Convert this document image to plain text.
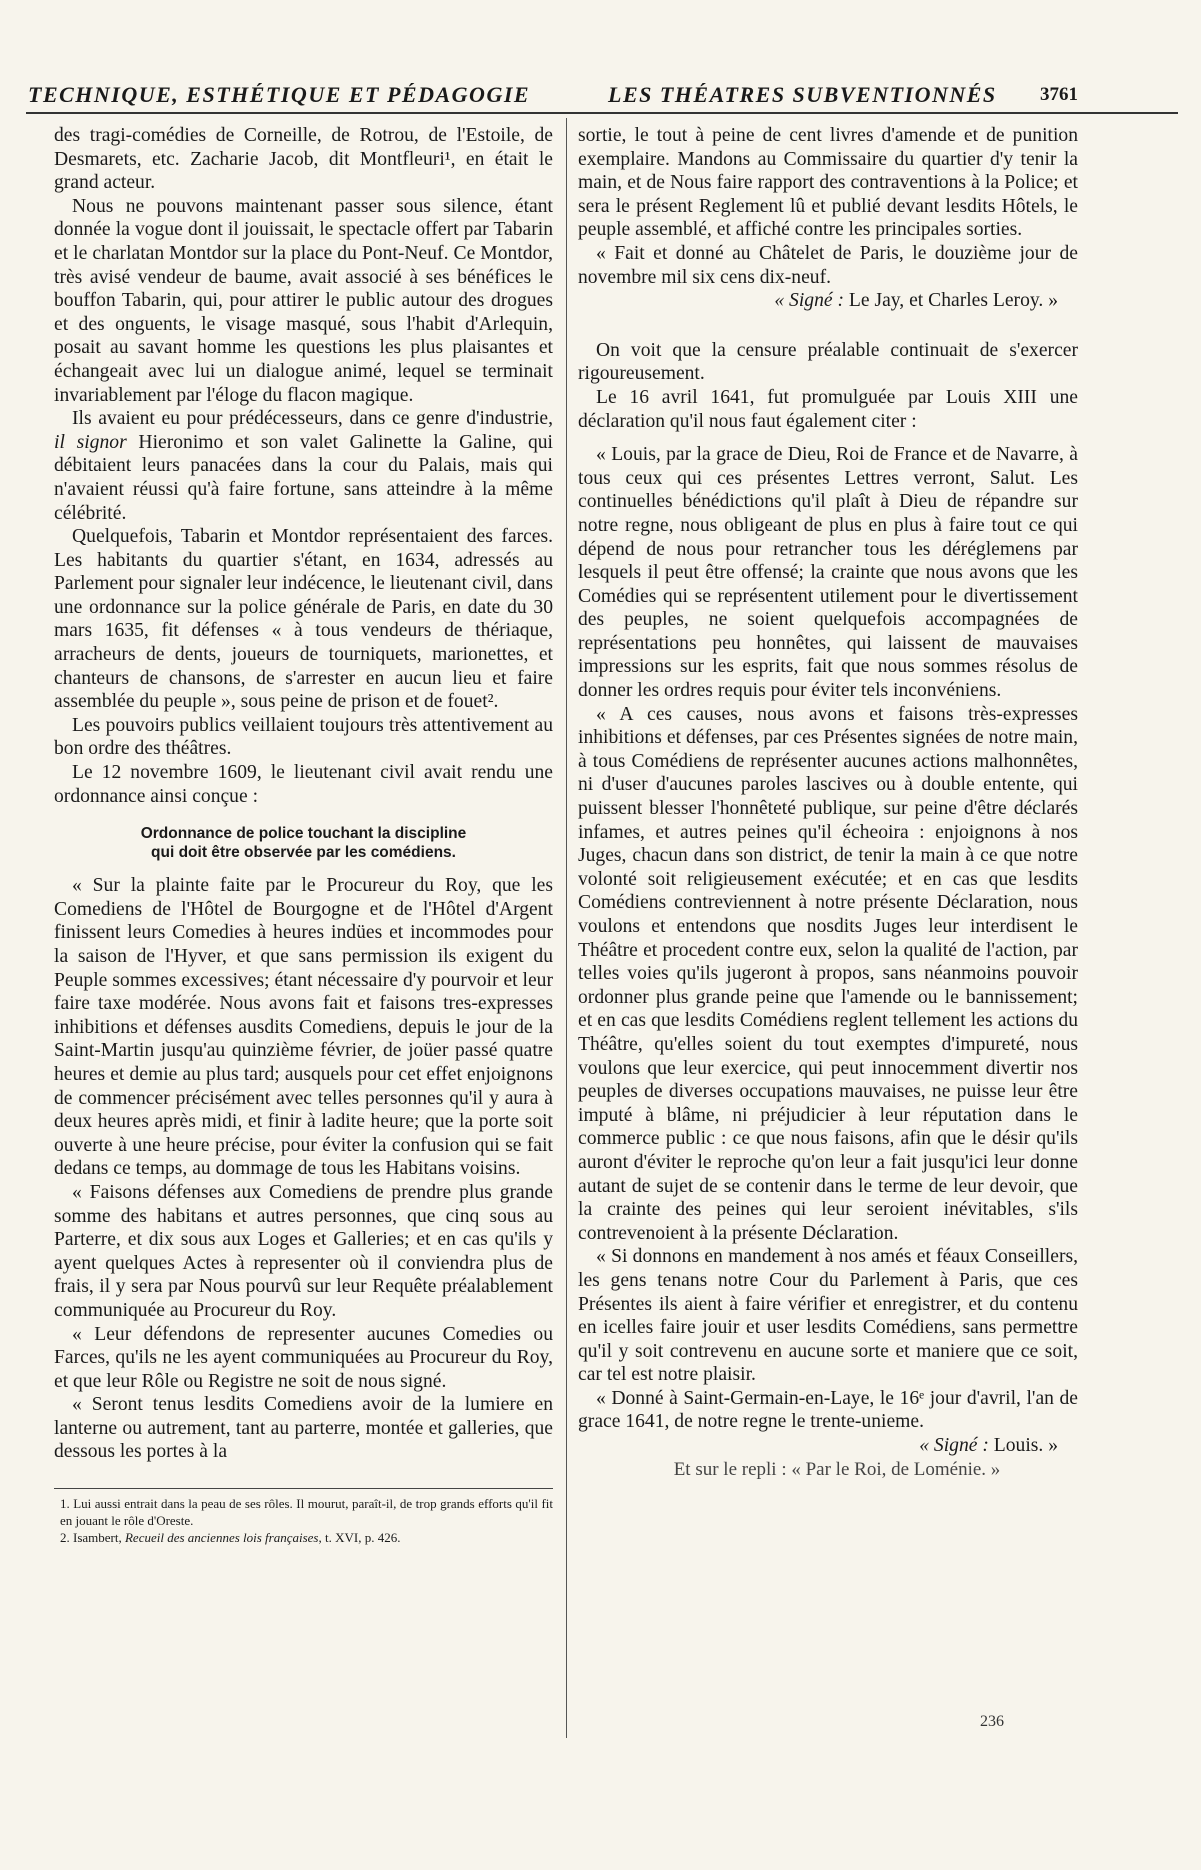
TECHNIQUE, ESTHÉTIQUE ET PÉDAGOGIE	LES THÉATRES SUBVENTIONNÉS 3761

des tragi-comédies de Corneille, de Rotrou, de l'Estoile, de Desmarets, etc. Zacharie Jacob, dit Montfleuri¹, en était le grand acteur.

Nous ne pouvons maintenant passer sous silence, étant donnée la vogue dont il jouissait, le spectacle offert par Tabarin et le charlatan Montdor sur la place du Pont-Neuf. Ce Montdor, très avisé vendeur de baume, avait associé à ses bénéfices le bouffon Tabarin, qui, pour attirer le public autour des drogues et des onguents, le visage masqué, sous l'habit d'Arlequin, posait au savant homme les questions les plus plaisantes et échangeait avec lui un dialogue animé, lequel se terminait invariablement par l'éloge du flacon magique.

Ils avaient eu pour prédécesseurs, dans ce genre d'industrie, il signor Hieronimo et son valet Galinette la Galine, qui débitaient leurs panacées dans la cour du Palais, mais qui n'avaient réussi qu'à faire fortune, sans atteindre à la même célébrité.

Quelquefois, Tabarin et Montdor représentaient des farces. Les habitants du quartier s'étant, en 1634, adressés au Parlement pour signaler leur indécence, le lieutenant civil, dans une ordonnance sur la police générale de Paris, en date du 30 mars 1635, fit défenses « à tous vendeurs de thériaque, arracheurs de dents, joueurs de tourniquets, marionettes, et chanteurs de chansons, de s'arrester en aucun lieu et faire assemblée du peuple », sous peine de prison et de fouet².

Les pouvoirs publics veillaient toujours très attentivement au bon ordre des théâtres.

Le 12 novembre 1609, le lieutenant civil avait rendu une ordonnance ainsi conçue :

Ordonnance de police touchant la discipline
qui doit être observée par les comédiens.

« Sur la plainte faite par le Procureur du Roy, que les Comediens de l'Hôtel de Bourgogne et de l'Hôtel d'Argent finissent leurs Comedies à heures indües et incommodes pour la saison de l'Hyver, et que sans permission ils exigent du Peuple sommes excessives; étant nécessaire d'y pourvoir et leur faire taxe modérée. Nous avons fait et faisons tres-expresses inhibitions et défenses ausdits Comediens, depuis le jour de la Saint-Martin jusqu'au quinzième février, de joüer passé quatre heures et demie au plus tard; ausquels pour cet effet enjoignons de commencer précisément avec telles personnes qu'il y aura à deux heures après midi, et finir à ladite heure; que la porte soit ouverte à une heure précise, pour éviter la confusion qui se fait dedans ce temps, au dommage de tous les Habitans voisins.

« Faisons défenses aux Comediens de prendre plus grande somme des habitans et autres personnes, que cinq sous au Parterre, et dix sous aux Loges et Galleries; et en cas qu'ils y ayent quelques Actes à representer où il conviendra plus de frais, il y sera par Nous pourvû sur leur Requête préalablement communiquée au Procureur du Roy.

« Leur défendons de representer aucunes Comedies ou Farces, qu'ils ne les ayent communiquées au Procureur du Roy, et que leur Rôle ou Registre ne soit de nous signé.

« Seront tenus lesdits Comediens avoir de la lumiere en lanterne ou autrement, tant au parterre, montée et galleries, que dessous les portes à la

1. Lui aussi entrait dans la peau de ses rôles. Il mourut, paraît-il, de trop grands efforts qu'il fit en jouant le rôle d'Oreste.

2. Isambert, Recueil des anciennes lois françaises, t. XVI, p. 426.

sortie, le tout à peine de cent livres d'amende et de punition exemplaire. Mandons au Commissaire du quartier d'y tenir la main, et de Nous faire rapport des contraventions à la Police; et sera le présent Reglement lû et publié devant lesdits Hôtels, le peuple assemblé, et affiché contre les principales sorties.

« Fait et donné au Châtelet de Paris, le douzième jour de novembre mil six cens dix-neuf.

« Signé : Le Jay, et Charles Leroy. »

On voit que la censure préalable continuait de s'exercer rigoureusement.

Le 16 avril 1641, fut promulguée par Louis XIII une déclaration qu'il nous faut également citer :

« Louis, par la grace de Dieu, Roi de France et de Navarre, à tous ceux qui ces présentes Lettres verront, Salut. Les continuelles bénédictions qu'il plaît à Dieu de répandre sur notre regne, nous obligeant de plus en plus à faire tout ce qui dépend de nous pour retrancher tous les déréglemens par lesquels il peut être offensé; la crainte que nous avons que les Comédies qui se représentent utilement pour le divertissement des peuples, ne soient quelquefois accompagnées de représentations peu honnêtes, qui laissent de mauvaises impressions sur les esprits, fait que nous sommes résolus de donner les ordres requis pour éviter tels inconvéniens.

« A ces causes, nous avons et faisons très-expresses inhibitions et défenses, par ces Présentes signées de notre main, à tous Comédiens de représenter aucunes actions malhonnêtes, ni d'user d'aucunes paroles lascives ou à double entente, qui puissent blesser l'honnêteté publique, sur peine d'être déclarés infames, et autres peines qu'il écheoira : enjoignons à nos Juges, chacun dans son district, de tenir la main à ce que notre volonté soit religieusement exécutée; et en cas que lesdits Comédiens contreviennent à notre présente Déclaration, nous voulons et entendons que nosdits Juges leur interdisent le Théâtre et procedent contre eux, selon la qualité de l'action, par telles voies qu'ils jugeront à propos, sans néanmoins pouvoir ordonner plus grande peine que l'amende ou le bannissement; et en cas que lesdits Comédiens reglent tellement les actions du Théâtre, qu'elles soient du tout exemptes d'impureté, nous voulons que leur exercice, qui peut innocemment divertir nos peuples de diverses occupations mauvaises, ne puisse leur être imputé à blâme, ni préjudicier à leur réputation dans le commerce public : ce que nous faisons, afin que le désir qu'ils auront d'éviter le reproche qu'on leur a fait jusqu'ici leur donne autant de sujet de se contenir dans le terme de leur devoir, que la crainte des peines qui leur seroient inévitables, s'ils contrevenoient à la présente Déclaration.

« Si donnons en mandement à nos amés et féaux Conseillers, les gens tenans notre Cour du Parlement à Paris, que ces Présentes ils aient à faire vérifier et enregistrer, et du contenu en icelles faire jouir et user lesdits Comédiens, sans permettre qu'il y soit contrevenu en aucune sorte et maniere que ce soit, car tel est notre plaisir.

« Donné à Saint-Germain-en-Laye, le 16ᵉ jour d'avril, l'an de grace 1641, de notre regne le trente-unieme.

« Signé : Louis. »

Et sur le repli : « Par le Roi, de Loménie. »

236
